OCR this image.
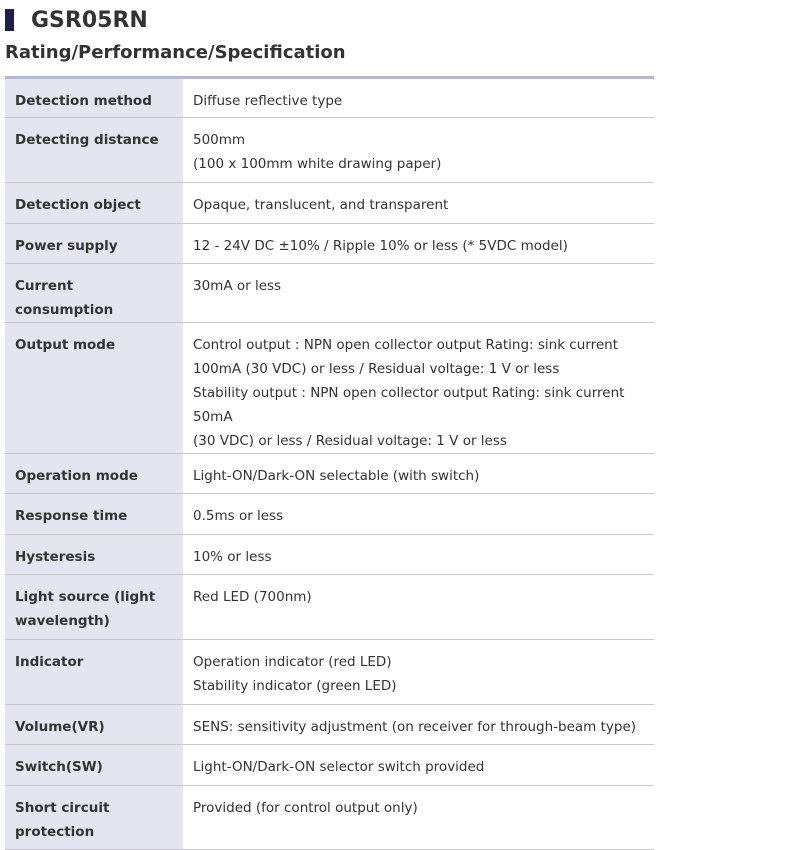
GSR05RN
Rating/Performance/Specification
Detection method	Diffuse reflective type

Detecting distance	500mm
(100 x 100mm white drawing paper)

Detection object	Opaque, translucent, and transparent

Power supply	12 - 24V DC ±10% / Ripple 10% or less (* 5VDC model)

Current consumption	30mA or less

Output mode	Control output : NPN open collector output Rating: sink current
100mA (30 VDC) or less / Residual voltage: 1 V or less
Stability output : NPN open collector output Rating: sink current 50mA
(30 VDC) or less / Residual voltage: 1 V or less

Operation mode	Light-ON/Dark-ON selectable (with switch)

Response time	0.5ms or less

Hysteresis	10% or less

Light source (light wavelength)	Red LED (700nm)

Indicator	Operation indicator (red LED)
Stability indicator (green LED)

Volume(VR)	SENS: sensitivity adjustment (on receiver for through-beam type)

Switch(SW)	Light-ON/Dark-ON selector switch provided

Short circuit protection	Provided (for control output only)
